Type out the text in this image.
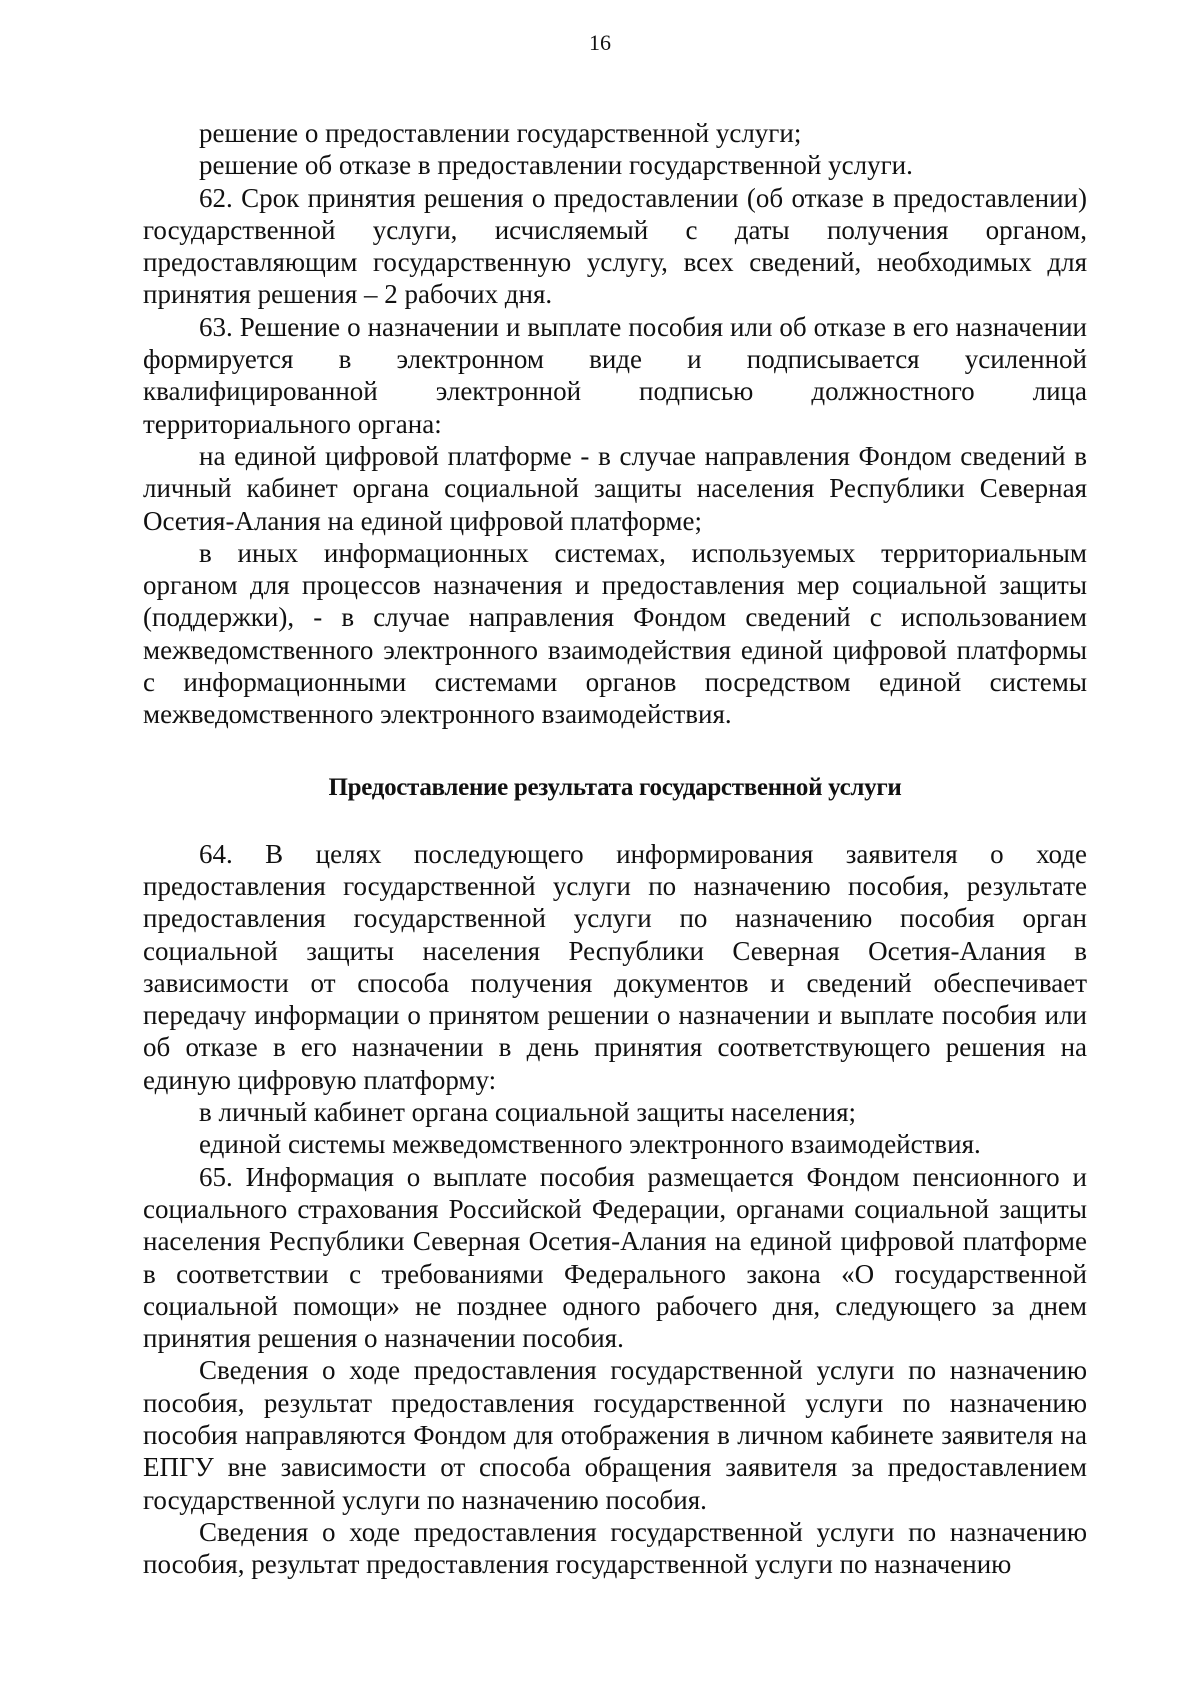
16

решение о предоставлении государственной услуги;

решение об отказе в предоставлении государственной услуги.

62. Срок принятия решения о предоставлении (об отказе в предоставлении) государственной услуги, исчисляемый с даты получения органом, предоставляющим государственную услугу, всех сведений, необходимых для принятия решения – 2 рабочих дня.

63. Решение о назначении и выплате пособия или об отказе в его назначении формируется в электронном виде и подписывается усиленной квалифицированной электронной подписью должностного лица территориального органа:

на единой цифровой платформе - в случае направления Фондом сведений в личный кабинет органа социальной защиты населения Республики Северная Осетия-Алания на единой цифровой платформе;

в иных информационных системах, используемых территориальным органом для процессов назначения и предоставления мер социальной защиты (поддержки), - в случае направления Фондом сведений с использованием межведомственного электронного взаимодействия единой цифровой платформы с информационными системами органов посредством единой системы межведомственного электронного взаимодействия.

Предоставление результата государственной услуги

64. В целях последующего информирования заявителя о ходе предоставления государственной услуги по назначению пособия, результате предоставления государственной услуги по назначению пособия орган социальной защиты населения Республики Северная Осетия-Алания в зависимости от способа получения документов и сведений обеспечивает передачу информации о принятом решении о назначении и выплате пособия или об отказе в его назначении в день принятия соответствующего решения на единую цифровую платформу:

в личный кабинет органа социальной защиты населения;

единой системы межведомственного электронного взаимодействия.

65. Информация о выплате пособия размещается Фондом пенсионного и социального страхования Российской Федерации, органами социальной защиты населения Республики Северная Осетия-Алания на единой цифровой платформе в соответствии с требованиями Федерального закона «О государственной социальной помощи» не позднее одного рабочего дня, следующего за днем принятия решения о назначении пособия.

Сведения о ходе предоставления государственной услуги по назначению пособия, результат предоставления государственной услуги по назначению пособия направляются Фондом для отображения в личном кабинете заявителя на ЕПГУ вне зависимости от способа обращения заявителя за предоставлением государственной услуги по назначению пособия.

Сведения о ходе предоставления государственной услуги по назначению пособия, результат предоставления государственной услуги по назначению
